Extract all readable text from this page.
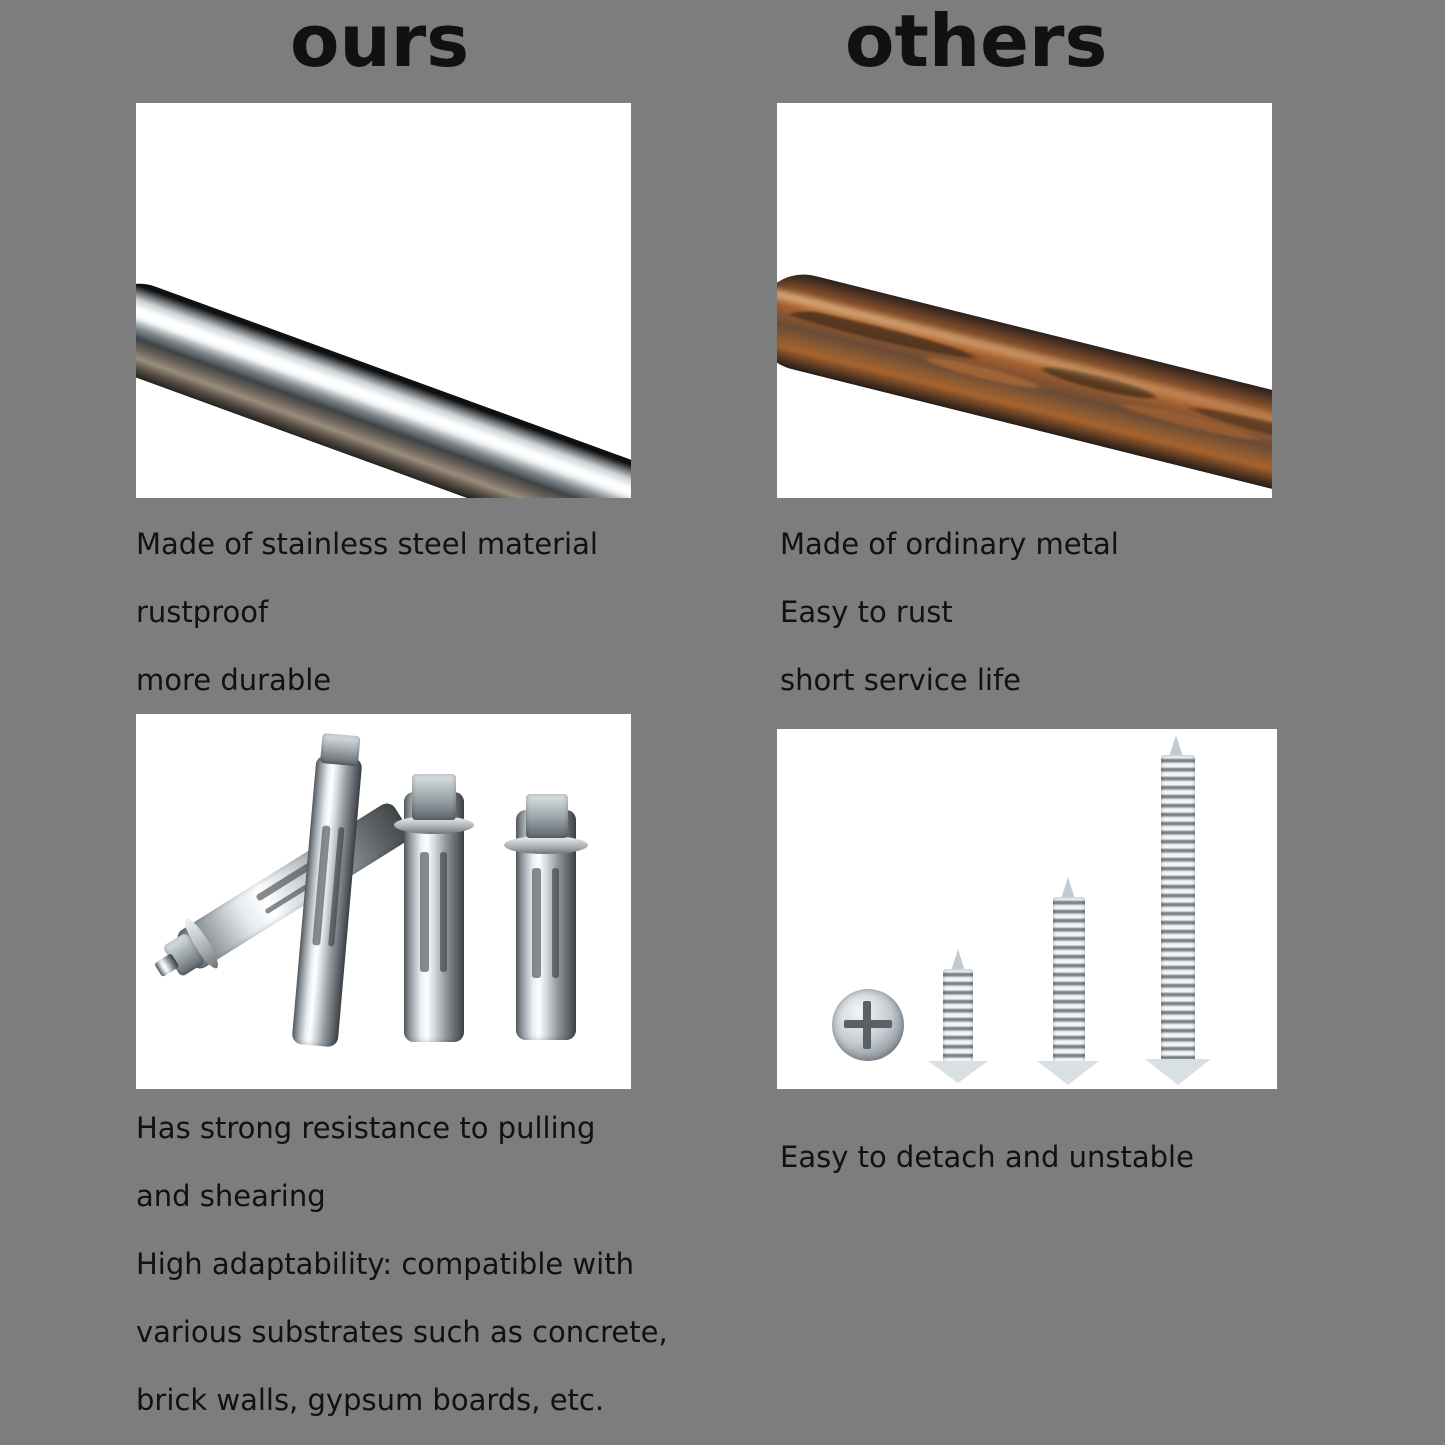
ours	others
Made of stainless steel material
rustproof
more durable
Made of ordinary metal
Easy to rust
short service life
Has strong resistance to pulling
and shearing
High adaptability: compatible with
various substrates such as concrete,
brick walls, gypsum boards, etc.
Easy to detach and unstable
